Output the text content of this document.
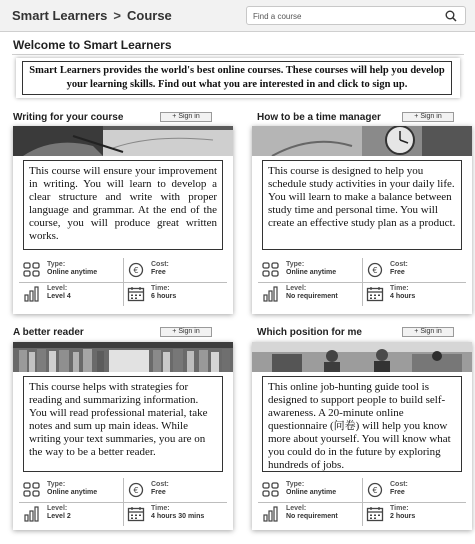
Smart Learners > Course
Find a course
Welcome to Smart Learners
Smart Learners provides the world's best online courses. These courses will help you develop your learning skills. Find out what you are interested in and click to sign up.
Writing for your course	+ Sign in
This course will ensure your improvement in writing. You will learn to develop a clear structure and write with proper language and grammar. At the end of the course, you will produce great written works.
Type:
Online anytime	€
Cost:
Free
Level:
Level 4
Time:
6 hours
How to be a time manager	+ Sign in
This course is designed to help you schedule study activities in your daily life. You will learn to make a balance between study time and personal time. You will create an effective study plan as a product.
Type:
Online anytime	€
Cost:
Free
Level:
No requirement
Time:
4 hours
A better reader	+ Sign in
This course helps with strategies for reading and summarizing information. You will read professional material, take notes and sum up main ideas. While writing your text summaries, you are on the way to be a better reader.
Type:
Online anytime	€
Cost:
Free
Level:
Level 2
Time:
4 hours 30 mins
Which position for me	+ Sign in
This online job-hunting guide tool is designed to support people to build self-awareness. A 20-minute online questionnaire (问卷) will help you know more about yourself. You will know what you could do in the future by exploring hundreds of jobs.
Type:
Online anytime	€
Cost:
Free
Level:
No requirement
Time:
2 hours
